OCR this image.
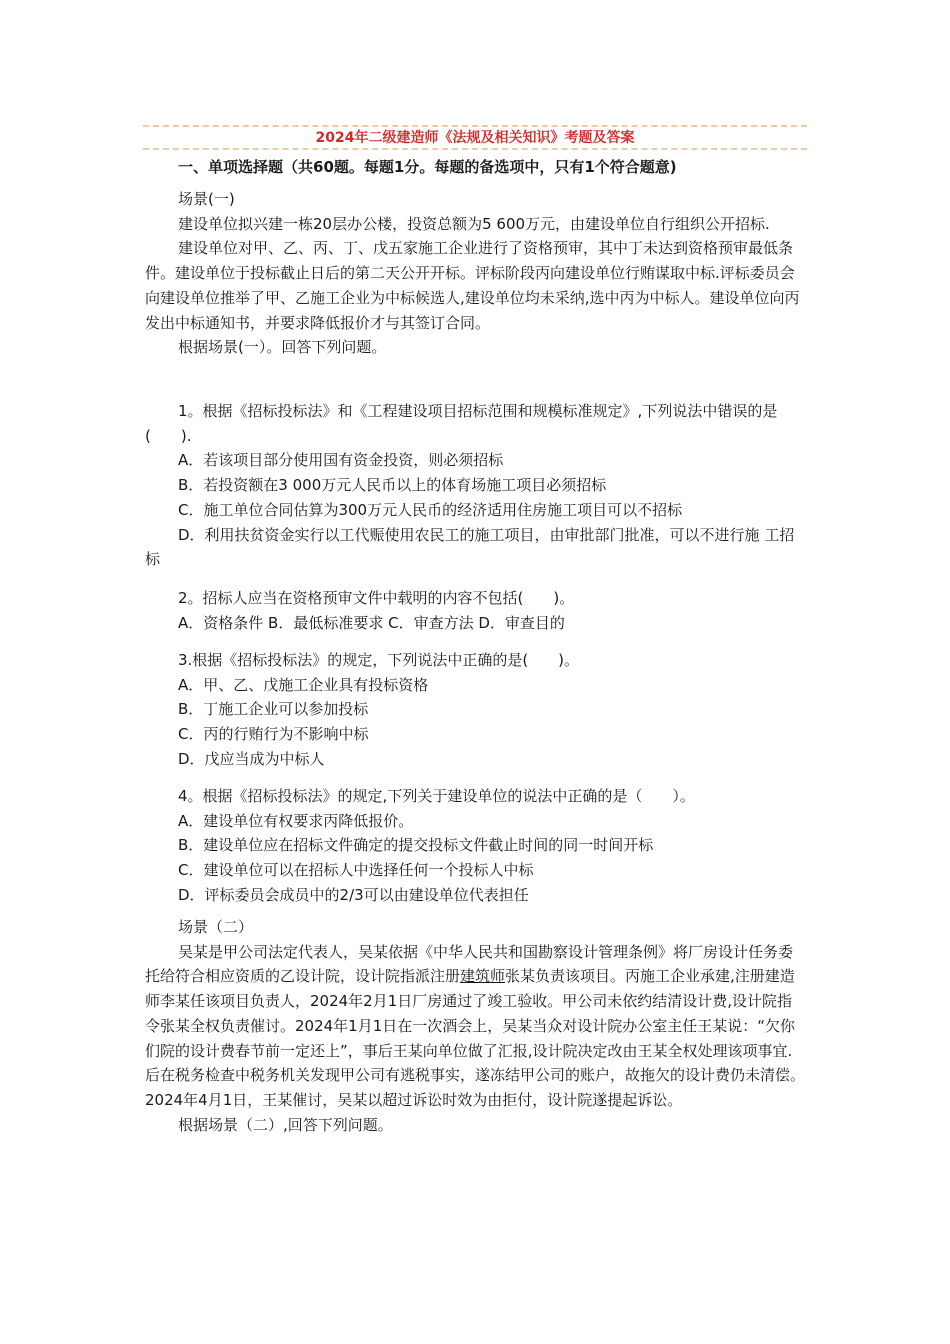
2024年二级建造师《法规及相关知识》考题及答案
一、单项选择题（共60题。每题1分。每题的备选项中，只有1个符合题意)

场景(一)

建设单位拟兴建一栋20层办公楼，投资总额为5 600万元，由建设单位自行组织公开招标.

建设单位对甲、乙、丙、丁、戊五家施工企业进行了资格预审，其中丁未达到资格预审最低条件。建设单位于投标截止日后的第二天公开开标。评标阶段丙向建设单位行贿谋取中标.评标委员会向建设单位推举了甲、乙施工企业为中标候选人,建设单位均未采纳,选中丙为中标人。建设单位向丙发出中标通知书，并要求降低报价才与其签订合同。

根据场景(一）。回答下列问题。

1。根据《招标投标法》和《工程建设项目招标范围和规模标准规定》,下列说法中错误的是(　　).

A．若该项目部分使用国有资金投资，则必须招标

B．若投资额在3 000万元人民币以上的体育场施工项目必须招标

C．施工单位合同估算为300万元人民币的经济适用住房施工项目可以不招标

D．利用扶贫资金实行以工代赈使用农民工的施工项目，由审批部门批准，可以不进行施 工招标

2。招标人应当在资格预审文件中载明的内容不包括(　　)。

A．资格条件 B．最低标准要求 C．审查方法 D．审查目的

3.根据《招标投标法》的规定，下列说法中正确的是(　　)。

A．甲、乙、戊施工企业具有投标资格

B．丁施工企业可以参加投标

C．丙的行贿行为不影响中标

D．戊应当成为中标人

4。根据《招标投标法》的规定,下列关于建设单位的说法中正确的是（　　）。

A．建设单位有权要求丙降低报价。

B．建设单位应在招标文件确定的提交投标文件截止时间的同一时间开标

C．建设单位可以在招标人中选择任何一个投标人中标

D．评标委员会成员中的2/3可以由建设单位代表担任

场景（二）

吴某是甲公司法定代表人，吴某依据《中华人民共和国勘察设计管理条例》将厂房设计任务委托给符合相应资质的乙设计院，设计院指派注册建筑师张某负责该项目。丙施工企业承建,注册建造师李某任该项目负责人，2024年2月1日厂房通过了竣工验收。甲公司未依约结清设计费,设计院指令张某全权负责催讨。2024年1月1日在一次酒会上，吴某当众对设计院办公室主任王某说：“欠你们院的设计费春节前一定还上”，事后王某向单位做了汇报,设计院决定改由王某全权处理该项事宜.后在税务检查中税务机关发现甲公司有逃税事实，遂冻结甲公司的账户，故拖欠的设计费仍未清偿。2024年4月1日，王某催讨，吴某以超过诉讼时效为由拒付，设计院遂提起诉讼。

根据场景（二）,回答下列问题。
